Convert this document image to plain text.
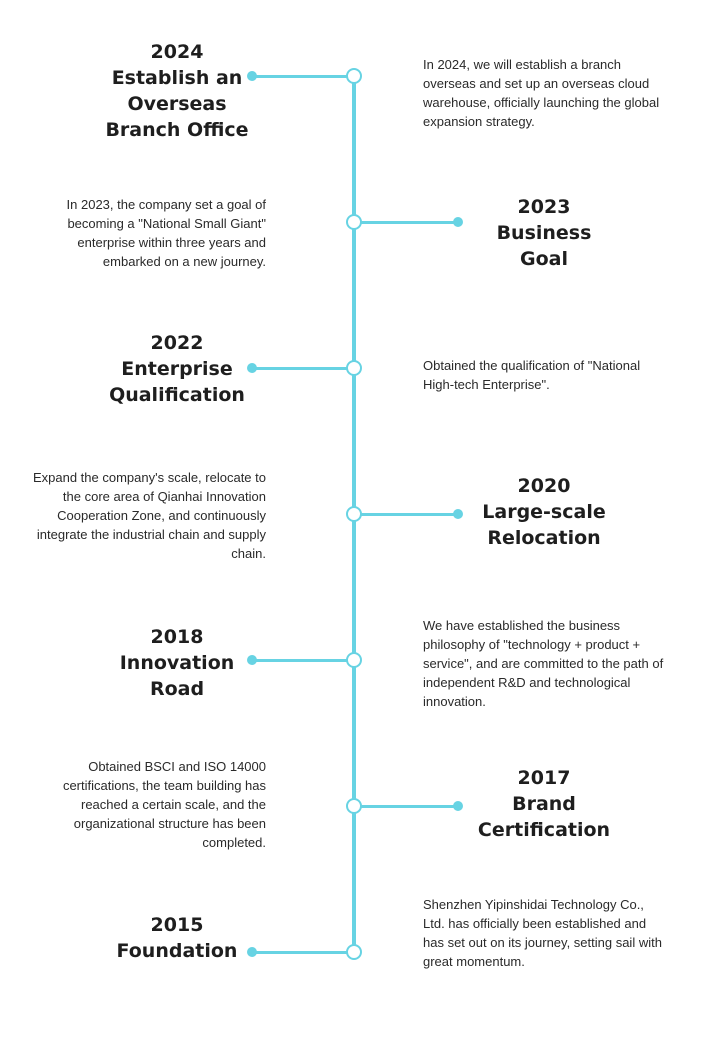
2024
Establish an
Overseas
Branch Office
In 2024, we will establish a branch overseas and set up an overseas cloud warehouse, officially launching the global expansion strategy.
2023
Business
Goal
In 2023, the company set a goal of becoming a "National Small Giant" enterprise within three years and embarked on a new journey.
2022
Enterprise
Qualification
Obtained the qualification of "National High-tech Enterprise".
2020
Large-scale
Relocation
Expand the company's scale, relocate to the core area of Qianhai Innovation Cooperation Zone, and continuously integrate the industrial chain and supply chain.
2018
Innovation
Road
We have established the business philosophy of "technology + product + service", and are committed to the path of independent R&D and technological innovation.
2017
Brand
Certification
Obtained BSCI and ISO 14000 certifications, the team building has reached a certain scale, and the organizational structure has been completed.
2015
Foundation
Shenzhen Yipinshidai Technology Co., Ltd. has officially been established and has set out on its journey, setting sail with great momentum.
